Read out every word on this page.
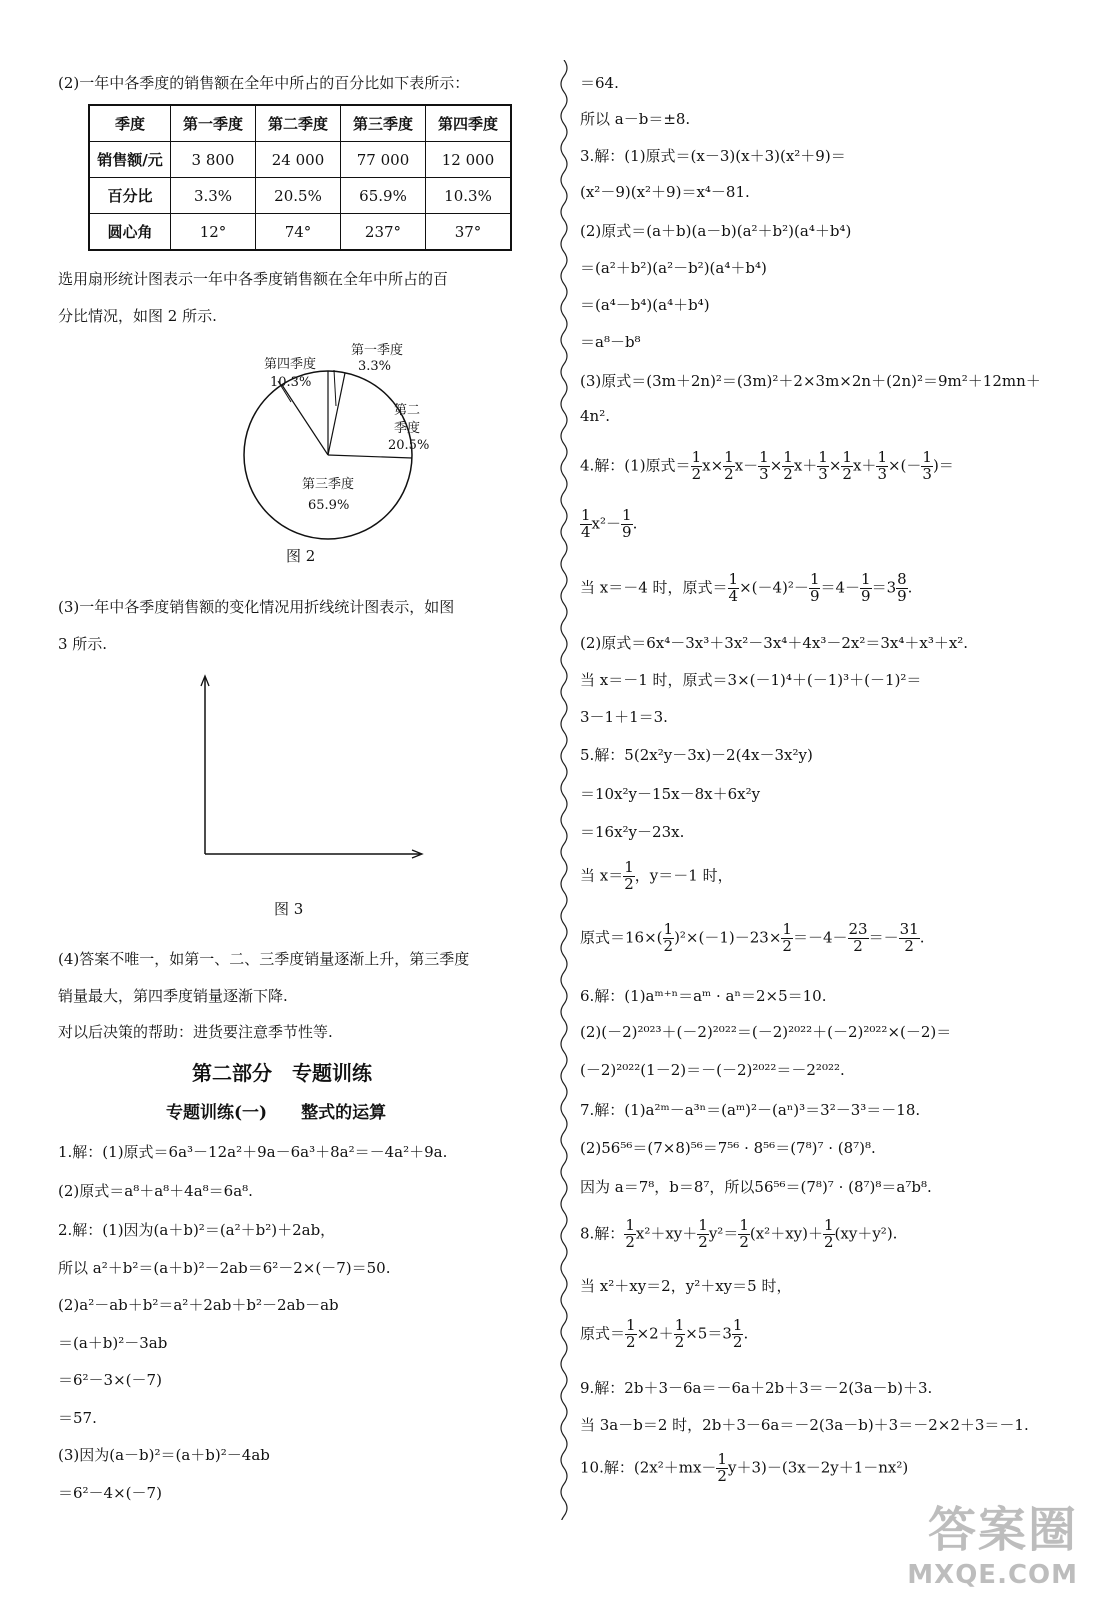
(2)一年中各季度的销售额在全年中所占的百分比如下表所示：
季度	第一季度	第二季度	第三季度	第四季度
销售额/元	3 800	24 000	77 000	12 000
百分比	3.3%	20.5%	65.9%	10.3%
圆心角	12°	74°	237°	37°
选用扇形统计图表示一年中各季度销售额在全年中所占的百
分比情况，如图 2 所示.
第一季度
3.3%
第四季度
10.3%
第二
季度
20.5%
第三季度
65.9%
图 2
(3)一年中各季度销售额的变化情况用折线统计图表示，如图
3 所示.
图 3
(4)答案不唯一，如第一、二、三季度销量逐渐上升，第三季度
销量最大，第四季度销量逐渐下降.
对以后决策的帮助：进货要注意季节性等.
第二部分　专题训练
专题训练(一)　　整式的运算
1.解：(1)原式＝6a³－12a²＋9a－6a³＋8a²＝－4a²＋9a.
(2)原式＝a⁸＋a⁸＋4a⁸＝6a⁸.
2.解：(1)因为(a＋b)²＝(a²＋b²)＋2ab，
所以 a²＋b²＝(a＋b)²－2ab＝6²－2×(－7)＝50.
(2)a²－ab＋b²＝a²＋2ab＋b²－2ab－ab
＝(a＋b)²－3ab
＝6²－3×(－7)
＝57.
(3)因为(a－b)²＝(a＋b)²－4ab
＝6²－4×(－7)
＝64.
所以 a－b＝±8.
3.解：(1)原式＝(x－3)(x＋3)(x²＋9)＝
(x²－9)(x²＋9)＝x⁴－81.
(2)原式＝(a＋b)(a－b)(a²＋b²)(a⁴＋b⁴)
＝(a²＋b²)(a²－b²)(a⁴＋b⁴)
＝(a⁴－b⁴)(a⁴＋b⁴)
＝a⁸－b⁸
(3)原式＝(3m＋2n)²＝(3m)²＋2×3m×2n＋(2n)²＝9m²＋12mn＋
4n².
4.解：(1)原式＝ $\frac{1}{2} x\times \frac{1}{2} x- \frac{1}{3} \times \frac{1}{2} x+ \frac{1}{3} \times \frac{1}{2} x+ \frac{1}{3}$ ×(－ $\frac{1}{3}$ )＝
$\frac{1}{4} x^2- \frac{1}{9}$ .
当 x＝－4 时，原式＝ $\frac{1}{4} \times(-4)^2- \frac{1}{9} =4- \frac{1}{9} =3 \frac{8}{9}$ .
(2)原式＝6x⁴－3x³＋3x²－3x⁴＋4x³－2x²＝3x⁴＋x³＋x².
当 x＝－1 时，原式＝3×(－1)⁴＋(－1)³＋(－1)²＝
3－1＋1＝3.
5.解：5(2x²y－3x)－2(4x－3x²y)
＝10x²y－15x－8x＋6x²y
＝16x²y－23x.
当 $x= \frac{1}{2}$ ，y＝－1 时，
原式$=16\times( \frac{1}{2} )^2\times(-1)-23\times \frac{1}{2} =-4- \frac{23}{2} =- \frac{31}{2}$ .
6.解：(1)aᵐ⁺ⁿ＝aᵐ · aⁿ＝2×5＝10.
(2)(－2)²⁰²³＋(－2)²⁰²²＝(－2)²⁰²²＋(－2)²⁰²²×(－2)＝
(－2)²⁰²²(1－2)＝－(－2)²⁰²²＝－2²⁰²².
7.解：(1)a²ᵐ－a³ⁿ＝(aᵐ)²－(aⁿ)³＝3²－3³＝－18.
(2)56⁵⁶＝(7×8)⁵⁶＝7⁵⁶ · 8⁵⁶＝(7⁸)⁷ · (8⁷)⁸.
因为 a＝7⁸，b＝8⁷，所以56⁵⁶＝(7⁸)⁷ · (8⁷)⁸＝a⁷b⁸.
8.解： $\frac{1}{2} x^2+xy+ \frac{1}{2} y^2= \frac{1}{2} (x^2+xy)+ \frac{1}{2} (xy+y^2)$.
当 x²＋xy＝2，y²＋xy＝5 时，
原式＝ $\frac{1}{2} \times 2+ \frac{1}{2} \times 5=3 \frac{1}{2}$ .
9.解：2b＋3－6a＝－6a＋2b＋3＝－2(3a－b)＋3.
当 3a－b＝2 时，2b＋3－6a＝－2(3a－b)＋3＝－2×2＋3＝－1.
10.解：$(2x^2+mx- \frac{1}{2} y+3)-(3x-2y+1-nx^2)$
答案圈
MXQE.COM
